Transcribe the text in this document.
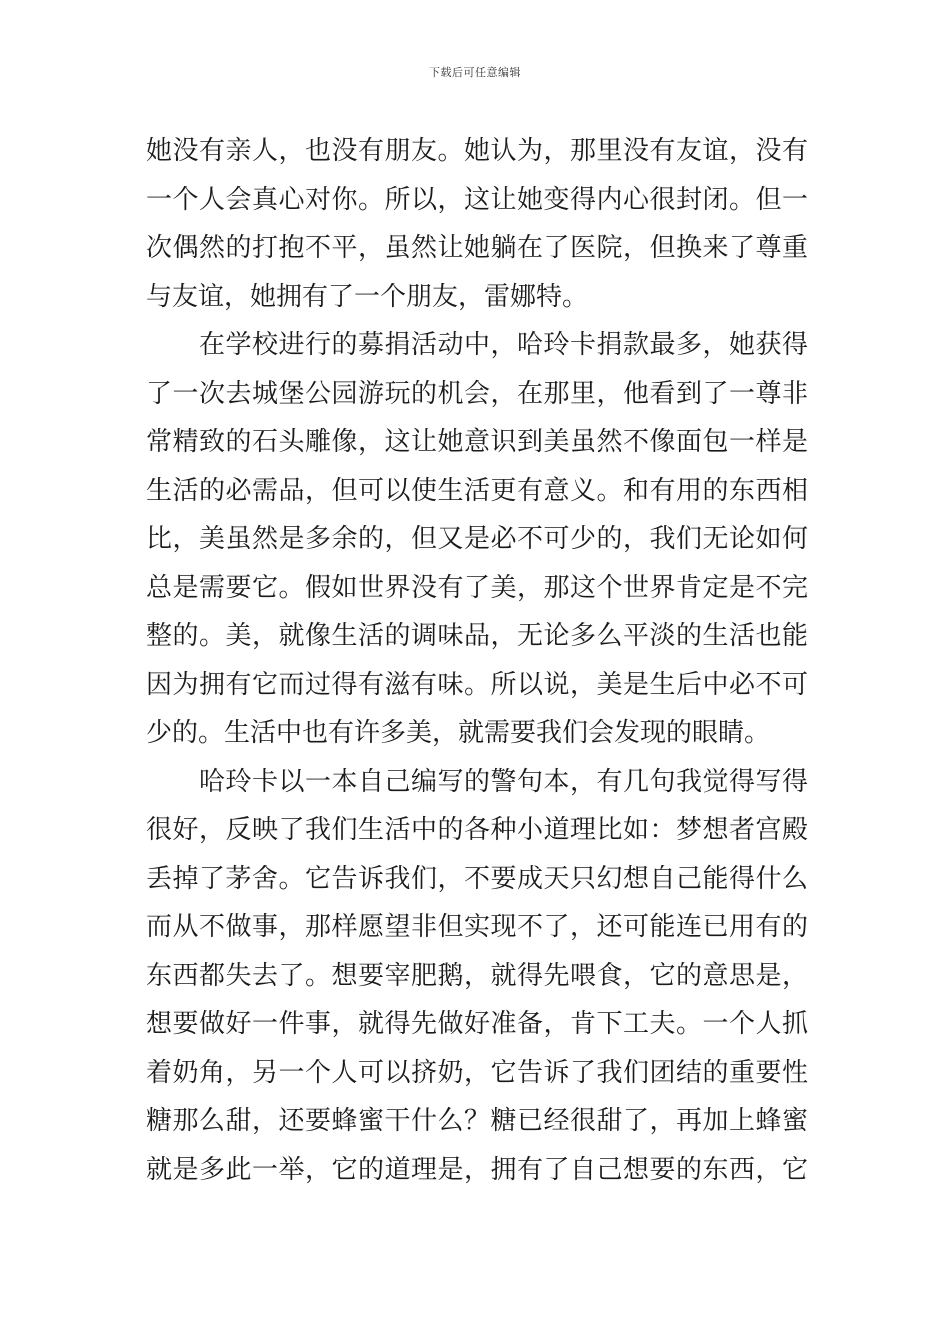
下载后可任意编辑
她没有亲人，也没有朋友。她认为，那里没有友谊，没有
一个人会真心对你。所以，这让她变得内心很封闭。但一
次偶然的打抱不平，虽然让她躺在了医院，但换来了尊重
与友谊，她拥有了一个朋友，雷娜特。
　　在学校进行的募捐活动中，哈玲卡捐款最多，她获得
了一次去城堡公园游玩的机会，在那里，他看到了一尊非
常精致的石头雕像，这让她意识到美虽然不像面包一样是
生活的必需品，但可以使生活更有意义。和有用的东西相
比，美虽然是多余的，但又是必不可少的，我们无论如何
总是需要它。假如世界没有了美，那这个世界肯定是不完
整的。美，就像生活的调味品，无论多么平淡的生活也能
因为拥有它而过得有滋有味。所以说，美是生后中必不可
少的。生活中也有许多美，就需要我们会发现的眼睛。
　　哈玲卡以一本自己编写的警句本，有几句我觉得写得
很好，反映了我们生活中的各种小道理比如：梦想者宫殿
丢掉了茅舍。它告诉我们，不要成天只幻想自己能得什么
而从不做事，那样愿望非但实现不了，还可能连已用有的
东西都失去了。想要宰肥鹅，就得先喂食，它的意思是，
想要做好一件事，就得先做好准备，肯下工夫。一个人抓
着奶角，另一个人可以挤奶，它告诉了我们团结的重要性
糖那么甜，还要蜂蜜干什么？糖已经很甜了，再加上蜂蜜
就是多此一举，它的道理是，拥有了自己想要的东西，它
